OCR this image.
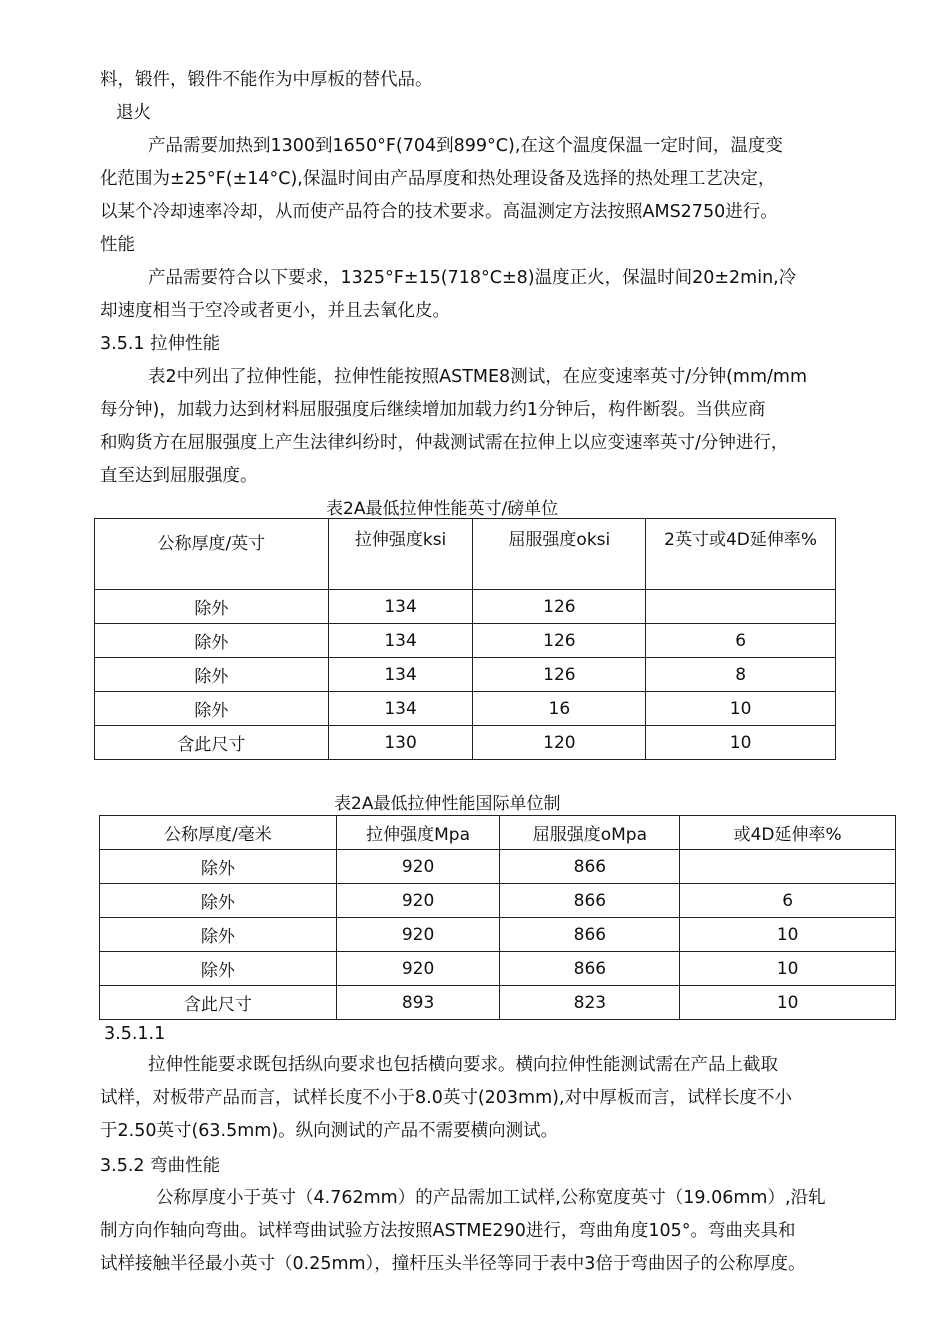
料，锻件，锻件不能作为中厚板的替代品。
退火
产品需要加热到1300到1650°F(704到899°C),在这个温度保温一定时间，温度变
化范围为±25°F(±14°C),保温时间由产品厚度和热处理设备及选择的热处理工艺决定，
以某个冷却速率冷却，从而使产品符合的技术要求。高温测定方法按照AMS2750进行。
性能
产品需要符合以下要求，1325°F±15(718°C±8)温度正火，保温时间20±2min,冷
却速度相当于空冷或者更小，并且去氧化皮。
3.5.1 拉伸性能
表2中列出了拉伸性能，拉伸性能按照ASTME8测试，在应变速率英寸/分钟(mm/mm
每分钟)，加载力达到材料屈服强度后继续增加加载力约1分钟后，构件断裂。当供应商
和购货方在屈服强度上产生法律纠纷时，仲裁测试需在拉伸上以应变速率英寸/分钟进行，
直至达到屈服强度。
表2A最低拉伸性能英寸/磅单位
公称厚度/英寸	拉伸强度ksi	屈服强度oksi	2英寸或4D延伸率%

除外	134	126	
除外	134	126	6
除外	134	126	8
除外	134	16	10
含此尺寸	130	120	10
表2A最低拉伸性能国际单位制
公称厚度/毫米	拉伸强度Mpa	屈服强度oMpa	或4D延伸率%
除外	920	866	
除外	920	866	6
除外	920	866	10
除外	920	866	10
含此尺寸	893	823	10
3.5.1.1
拉伸性能要求既包括纵向要求也包括横向要求。横向拉伸性能测试需在产品上截取
试样，对板带产品而言，试样长度不小于8.0英寸(203mm),对中厚板而言，试样长度不小
于2.50英寸(63.5mm)。纵向测试的产品不需要横向测试。
3.5.2 弯曲性能
公称厚度小于英寸（4.762mm）的产品需加工试样,公称宽度英寸（19.06mm）,沿轧
制方向作轴向弯曲。试样弯曲试验方法按照ASTME290进行，弯曲角度105°。弯曲夹具和
试样接触半径最小英寸（0.25mm），撞杆压头半径等同于表中3倍于弯曲因子的公称厚度。
